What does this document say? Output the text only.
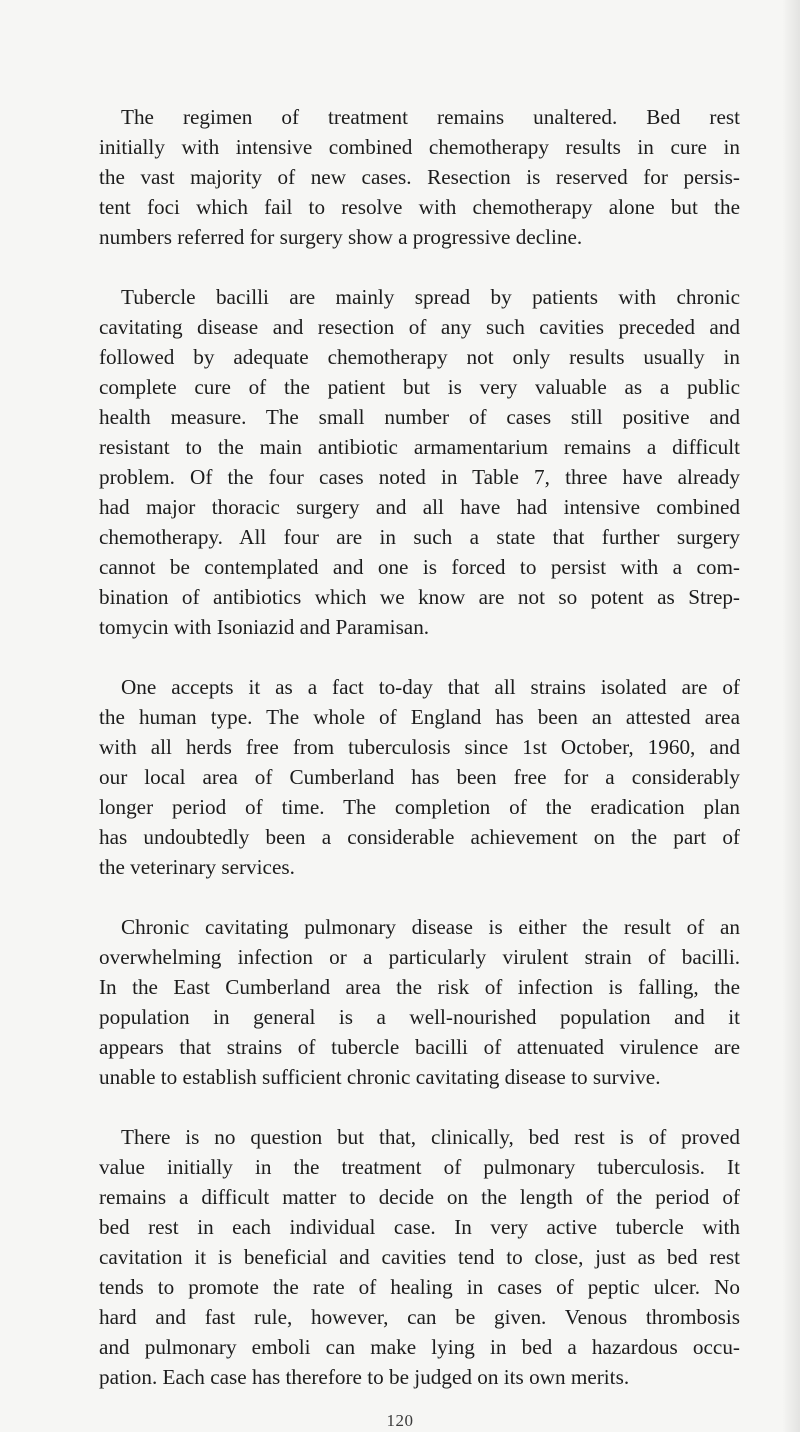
The regimen of treatment remains unaltered. Bed rest
initially with intensive combined chemotherapy results in cure in
the vast majority of new cases. Resection is reserved for persis-
tent foci which fail to resolve with chemotherapy alone but the
numbers referred for surgery show a progressive decline.
Tubercle bacilli are mainly spread by patients with chronic
cavitating disease and resection of any such cavities preceded and
followed by adequate chemotherapy not only results usually in
complete cure of the patient but is very valuable as a public
health measure. The small number of cases still positive and
resistant to the main antibiotic armamentarium remains a difficult
problem. Of the four cases noted in Table 7, three have already
had major thoracic surgery and all have had intensive combined
chemotherapy. All four are in such a state that further surgery
cannot be contemplated and one is forced to persist with a com-
bination of antibiotics which we know are not so potent as Strep-
tomycin with Isoniazid and Paramisan.
One accepts it as a fact to-day that all strains isolated are of
the human type. The whole of England has been an attested area
with all herds free from tuberculosis since 1st October, 1960, and
our local area of Cumberland has been free for a considerably
longer period of time. The completion of the eradication plan
has undoubtedly been a considerable achievement on the part of
the veterinary services.
Chronic cavitating pulmonary disease is either the result of an
overwhelming infection or a particularly virulent strain of bacilli.
In the East Cumberland area the risk of infection is falling, the
population in general is a well-nourished population and it
appears that strains of tubercle bacilli of attenuated virulence are
unable to establish sufficient chronic cavitating disease to survive.
There is no question but that, clinically, bed rest is of proved
value initially in the treatment of pulmonary tuberculosis. It
remains a difficult matter to decide on the length of the period of
bed rest in each individual case. In very active tubercle with
cavitation it is beneficial and cavities tend to close, just as bed rest
tends to promote the rate of healing in cases of peptic ulcer. No
hard and fast rule, however, can be given. Venous thrombosis
and pulmonary emboli can make lying in bed a hazardous occu-
pation. Each case has therefore to be judged on its own merits.
120
